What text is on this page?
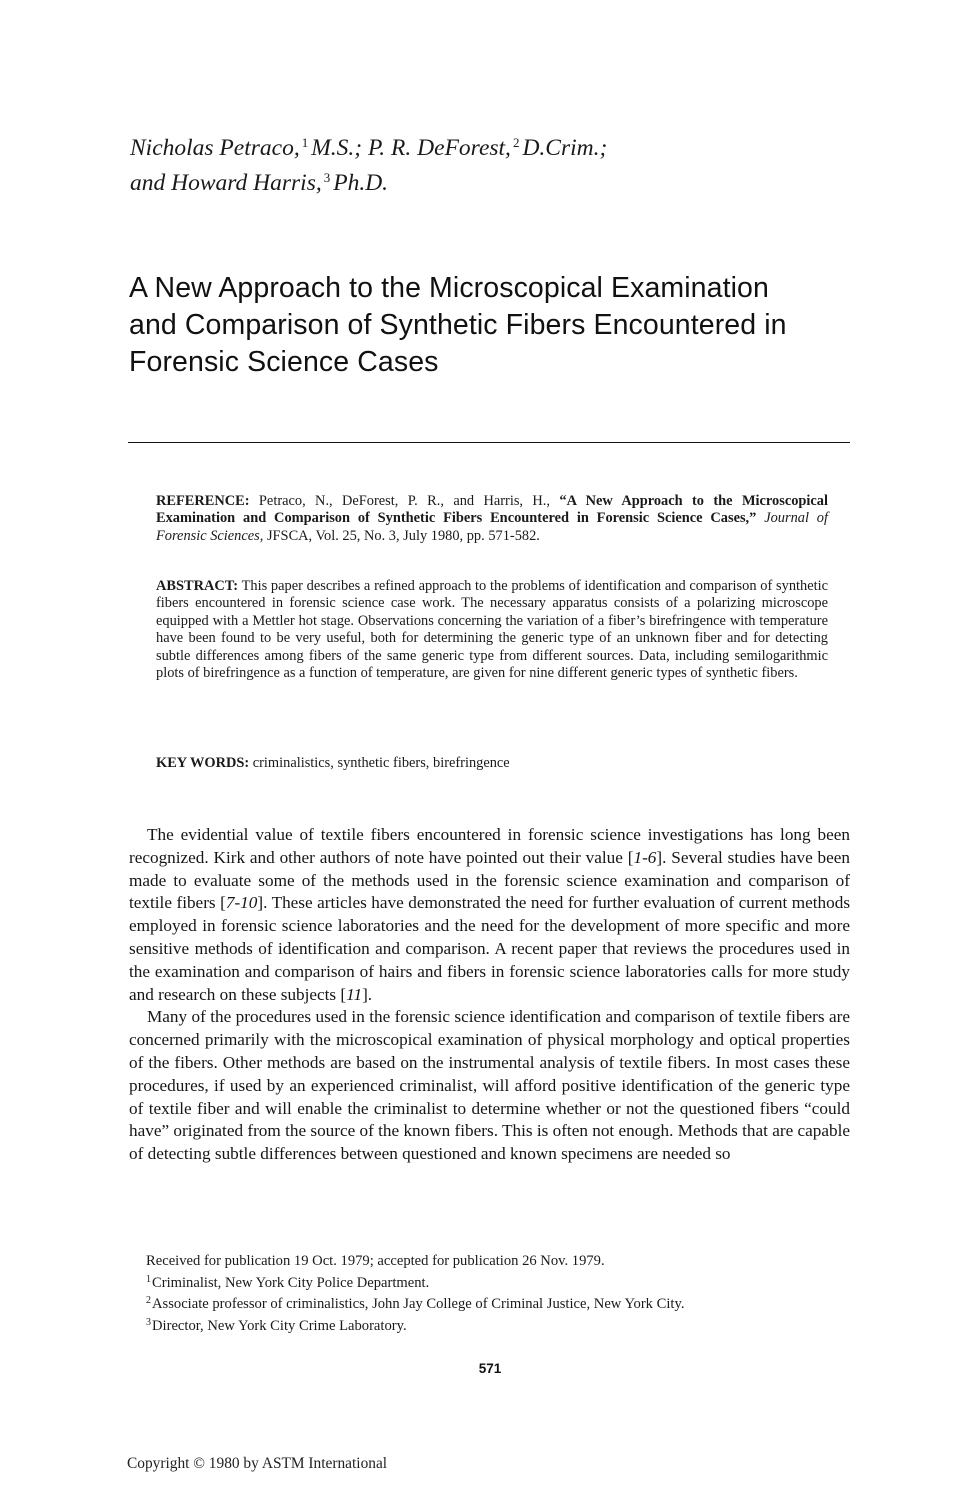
Nicholas Petraco, $^1$ M.S.; P. R. DeForest, $^2$ D.Crim.;
and Howard Harris, $^3$ Ph.D.
A New Approach to the Microscopical Examination
and Comparison of Synthetic Fibers Encountered in
Forensic Science Cases
REFERENCE: Petraco, N., DeForest, P. R., and Harris, H., “A New Approach to the Microscopical Examination and Comparison of Synthetic Fibers Encountered in Forensic Science Cases,” Journal of Forensic Sciences, JFSCA, Vol. 25, No. 3, July 1980, pp. 571-582.
ABSTRACT: This paper describes a refined approach to the problems of identification and comparison of synthetic fibers encountered in forensic science case work. The necessary apparatus consists of a polarizing microscope equipped with a Mettler hot stage. Observations concerning the variation of a fiber’s birefringence with temperature have been found to be very useful, both for determining the generic type of an unknown fiber and for detecting subtle differences among fibers of the same generic type from different sources. Data, including semilogarithmic plots of birefringence as a function of temperature, are given for nine different generic types of synthetic fibers.
KEY WORDS: criminalistics, synthetic fibers, birefringence

The evidential value of textile fibers encountered in forensic science investigations has long been recognized. Kirk and other authors of note have pointed out their value [1-6]. Several studies have been made to evaluate some of the methods used in the forensic science examination and comparison of textile fibers [7-10]. These articles have demonstrated the need for further evaluation of current methods employed in forensic science laboratories and the need for the development of more specific and more sensitive methods of identification and comparison. A recent paper that reviews the procedures used in the examination and comparison of hairs and fibers in forensic science laboratories calls for more study and research on these subjects [11].

Many of the procedures used in the forensic science identification and comparison of textile fibers are concerned primarily with the microscopical examination of physical morphology and optical properties of the fibers. Other methods are based on the instrumental analysis of textile fibers. In most cases these procedures, if used by an experienced criminalist, will afford positive identification of the generic type of textile fiber and will enable the criminalist to determine whether or not the questioned fibers “could have” originated from the source of the known fibers. This is often not enough. Methods that are capable of detecting subtle differences between questioned and known specimens are needed so

Received for publication 19 Oct. 1979; accepted for publication 26 Nov. 1979.
$^1$Criminalist, New York City Police Department.
$^2$Associate professor of criminalistics, John Jay College of Criminal Justice, New York City.
$^3$Director, New York City Crime Laboratory.
571
Copyright © 1980 by ASTM International
